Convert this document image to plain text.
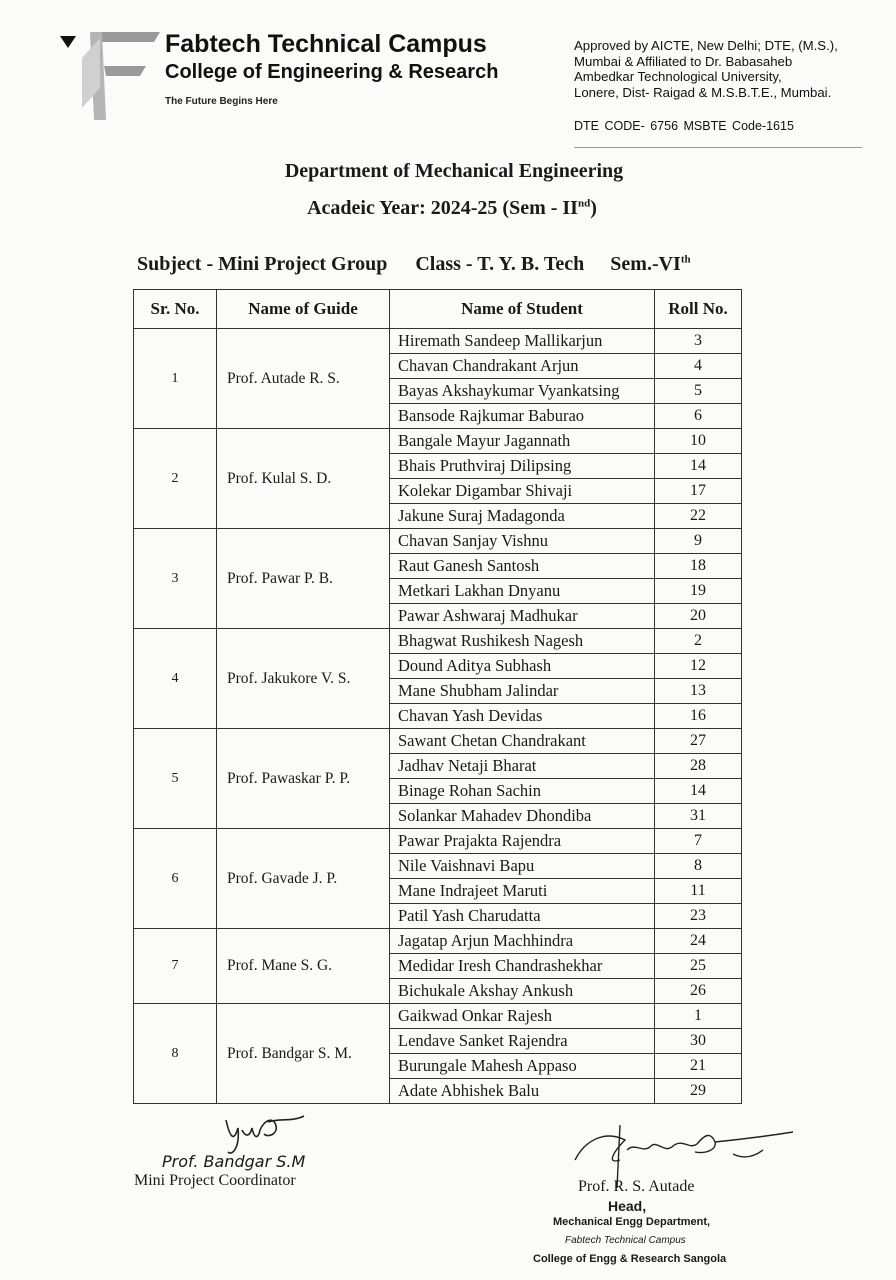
Fabtech Technical Campus
College of Engineering & Research
The Future Begins Here
Approved by AICTE, New Delhi; DTE, (M.S.),
Mumbai & Affiliated to Dr. Babasaheb
Ambedkar Technological University,
Lonere, Dist- Raigad & M.S.B.T.E., Mumbai.
DTE CODE- 6756 MSBTE Code-1615
Department of Mechanical Engineering
Acadeic Year: 2024-25 (Sem - IInd)
Subject - Mini Project Group Class - T. Y. B. Tech Sem.-VIth
Sr. No.	Name of Guide	Name of Student	Roll No.
1	Prof. Autade R. S.	Hiremath Sandeep Mallikarjun	3
		Chavan Chandrakant Arjun	4
		Bayas Akshaykumar Vyankatsing	5
		Bansode Rajkumar Baburao	6
2	Prof. Kulal S. D.	Bangale Mayur Jagannath	10
		Bhais Pruthviraj Dilipsing	14
		Kolekar Digambar Shivaji	17
		Jakune Suraj Madagonda	22
3	Prof. Pawar P. B.	Chavan Sanjay Vishnu	9
		Raut Ganesh Santosh	18
		Metkari Lakhan Dnyanu	19
		Pawar Ashwaraj Madhukar	20
4	Prof. Jakukore V. S.	Bhagwat Rushikesh Nagesh	2
		Dound Aditya Subhash	12
		Mane Shubham Jalindar	13
		Chavan Yash Devidas	16
5	Prof. Pawaskar P. P.	Sawant Chetan Chandrakant	27
		Jadhav Netaji Bharat	28
		Binage Rohan Sachin	14
		Solankar Mahadev Dhondiba	31
6	Prof. Gavade J. P.	Pawar Prajakta Rajendra	7
		Nile Vaishnavi Bapu	8
		Mane Indrajeet Maruti	11
		Patil Yash Charudatta	23
7	Prof. Mane S. G.	Jagatap Arjun Machhindra	24
		Medidar Iresh Chandrashekhar	25
		Bichukale Akshay Ankush	26
8	Prof. Bandgar S. M.	Gaikwad Onkar Rajesh	1
		Lendave Sanket Rajendra	30
		Burungale Mahesh Appaso	21
		Adate Abhishek Balu	29
Prof. Bandgar S.M
Mini Project Coordinator	Prof. R. S. Autade
Head,
Mechanical Engg Department,
Fabtech Technical Campus
College of Engg & Research Sangola
